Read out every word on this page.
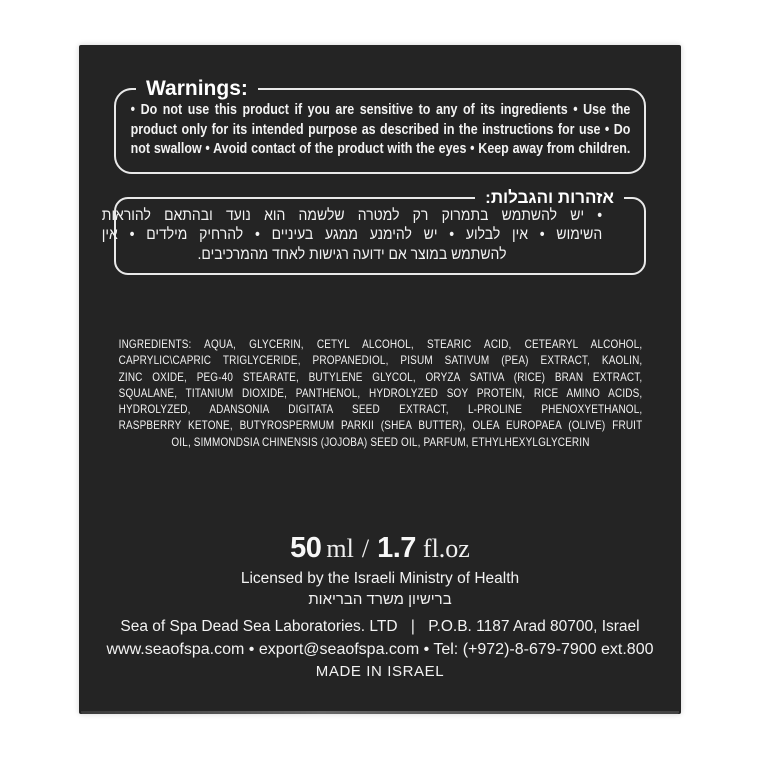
Warnings:
• Do not use this product if you are sensitive to any of its ingredients • Use the
product only for its intended purpose as described in the instructions for use • Do
not swallow • Avoid contact of the product with the eyes • Keep away from children.
אזהרות והגבלות:
• יש להשתמש בתמרוק רק למטרה שלשמה הוא נועד ובהתאם להוראות
השימוש • אין לבלוע • יש להימנע ממגע בעיניים • להרחיק מילדים • אין
להשתמש במוצר אם ידועה רגישות לאחד מהמרכיבים.
INGREDIENTS: AQUA, GLYCERIN, CETYL ALCOHOL, STEARIC ACID, CETEARYL ALCOHOL,
CAPRYLIC\CAPRIC TRIGLYCERIDE, PROPANEDIOL, PISUM SATIVUM (PEA) EXTRACT, KAOLIN,
ZINC OXIDE, PEG-40 STEARATE, BUTYLENE GLYCOL, ORYZA SATIVA (RICE) BRAN EXTRACT,
SQUALANE, TITANIUM DIOXIDE, PANTHENOL, HYDROLYZED SOY PROTEIN, RICE AMINO ACIDS,
HYDROLYZED, ADANSONIA DIGITATA SEED EXTRACT, L-PROLINE PHENOXYETHANOL,
RASPBERRY KETONE, BUTYROSPERMUM PARKII (SHEA BUTTER), OLEA EUROPAEA (OLIVE) FRUIT
OIL, SIMMONDSIA CHINENSIS (JOJOBA) SEED OIL, PARFUM, ETHYLHEXYLGLYCERIN
50 ml / 1.7 fl.oz
Licensed by the Israeli Ministry of Health
ברישיון משרד הבריאות
Sea of Spa Dead Sea Laboratories. LTD | P.O.B. 1187 Arad 80700, Israel
www.seaofspa.com • export@seaofspa.com • Tel: (+972)-8-679-7900 ext.800
MADE IN ISRAEL
